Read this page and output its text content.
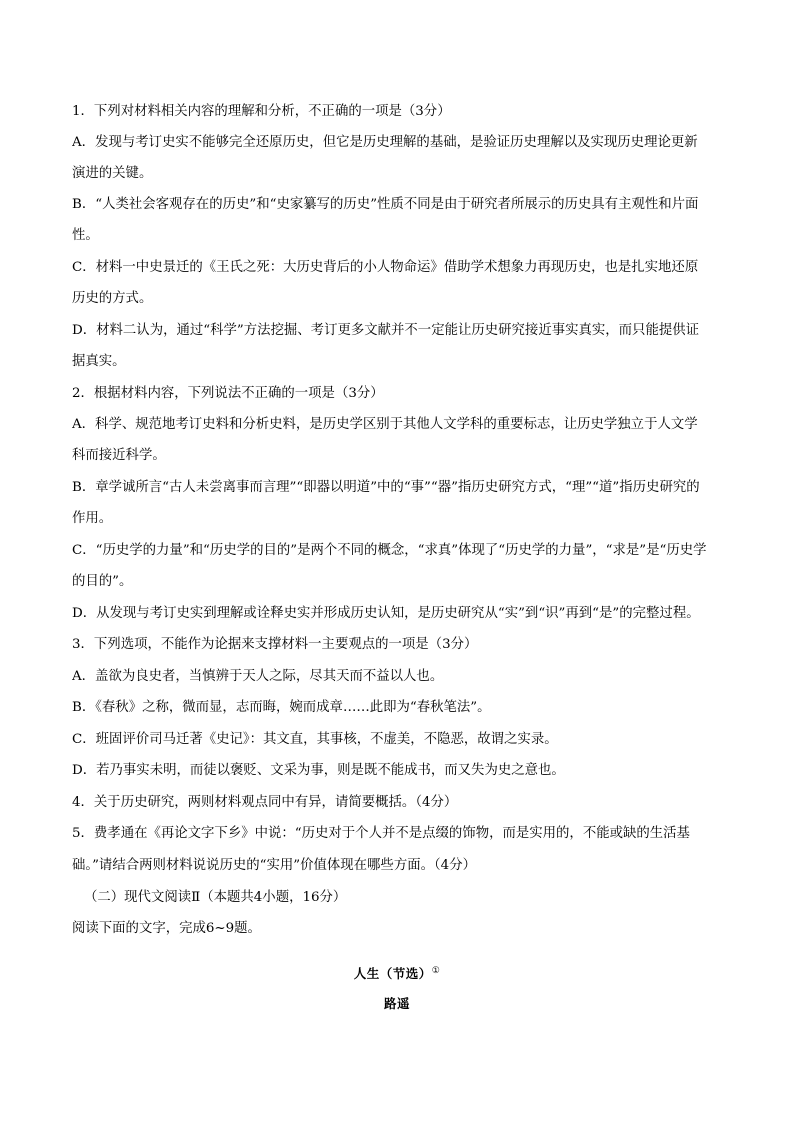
1．下列对材料相关内容的理解和分析，不正确的一项是（3分）
A．发现与考订史实不能够完全还原历史，但它是历史理解的基础，是验证历史理解以及实现历史理论更新
演进的关键。
B．“人类社会客观存在的历史”和“史家纂写的历史”性质不同是由于研究者所展示的历史具有主观性和片面
性。
C．材料一中史景迁的《王氏之死：大历史背后的小人物命运》借助学术想象力再现历史，也是扎实地还原
历史的方式。
D．材料二认为，通过“科学”方法挖掘、考订更多文献并不一定能让历史研究接近事实真实，而只能提供证
据真实。
2．根据材料内容，下列说法不正确的一项是（3分）
A．科学、规范地考订史料和分析史料，是历史学区别于其他人文学科的重要标志，让历史学独立于人文学
科而接近科学。
B．章学诚所言“古人未尝离事而言理”“即器以明道”中的“事”“器”指历史研究方式，“理”“道”指历史研究的
作用。
C．“历史学的力量”和“历史学的目的”是两个不同的概念，“求真”体现了“历史学的力量”，“求是”是“历史学
的目的”。
D．从发现与考订史实到理解或诠释史实并形成历史认知，是历史研究从“实”到“识”再到“是”的完整过程。
3．下列选项，不能作为论据来支撑材料一主要观点的一项是（3分）
A．盖欲为良史者，当慎辨于天人之际，尽其天而不益以人也。
B．《春秋》之称，微而显，志而晦，婉而成章……此即为“春秋笔法”。
C．班固评价司马迁著《史记》：其文直，其事核，不虚美，不隐恶，故谓之实录。
D．若乃事实未明，而徒以褒贬、文采为事，则是既不能成书，而又失为史之意也。
4．关于历史研究，两则材料观点同中有异，请简要概括。（4分）
5．费孝通在《再论文字下乡》中说：“历史对于个人并不是点缀的饰物，而是实用的，不能或缺的生活基
础。”请结合两则材料说说历史的“实用”价值体现在哪些方面。（4分）
（二）现代文阅读Ⅱ（本题共4小题，16分）
阅读下面的文字，完成6~9题。
人生（节选）①
路遥
